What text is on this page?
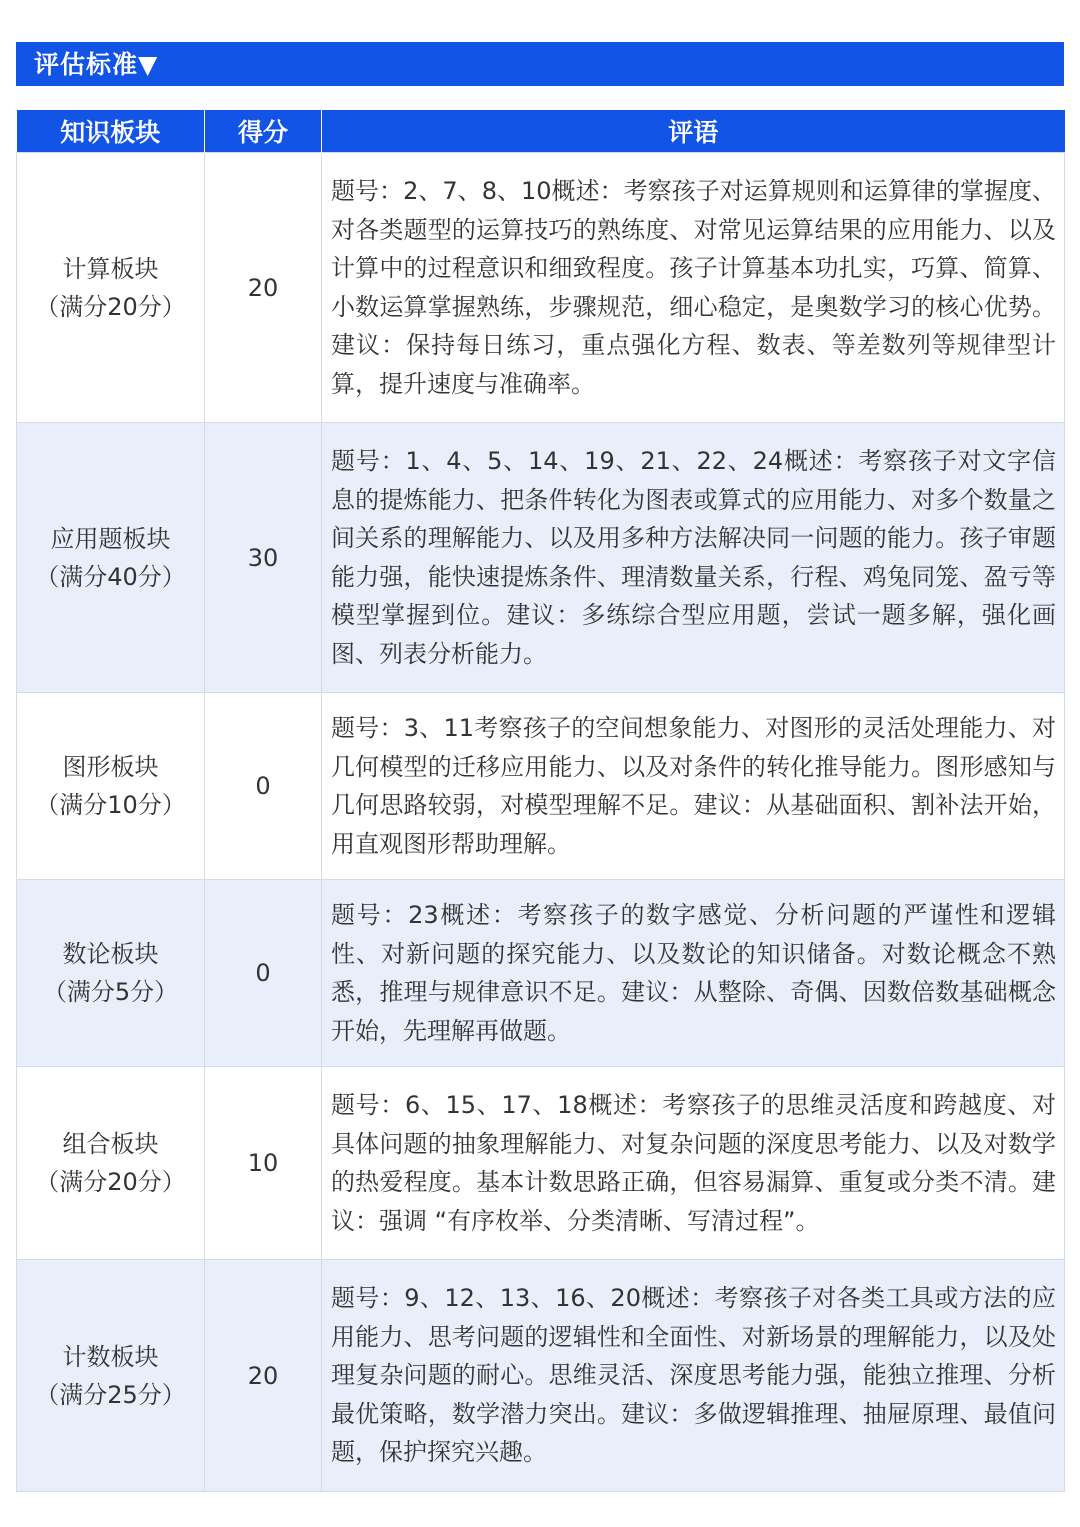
评估标准▼
知识板块	得分	评语

计算板块
（满分20分）	20	题号：2、7、8、10概述：考察孩子对运算规则和运算律的掌握度、对各类题型的运算技巧的熟练度、对常见运算结果的应用能力、以及计算中的过程意识和细致程度。孩子计算基本功扎实，巧算、简算、小数运算掌握熟练，步骤规范，细心稳定，是奥数学习的核心优势。建议：保持每日练习，重点强化方程、数表、等差数列等规律型计算，提升速度与准确率。

应用题板块
（满分40分）	30	题号：1、4、5、14、19、21、22、24概述：考察孩子对文字信息的提炼能力、把条件转化为图表或算式的应用能力、对多个数量之间关系的理解能力、以及用多种方法解决同一问题的能力。孩子审题能力强，能快速提炼条件、理清数量关系，行程、鸡兔同笼、盈亏等模型掌握到位。建议：多练综合型应用题，尝试一题多解，强化画图、列表分析能力。

图形板块
（满分10分）	0	题号：3、11考察孩子的空间想象能力、对图形的灵活处理能力、对几何模型的迁移应用能力、以及对条件的转化推导能力。图形感知与几何思路较弱，对模型理解不足。建议：从基础面积、割补法开始，用直观图形帮助理解。

数论板块
（满分5分）	0	题号：23概述：考察孩子的数字感觉、分析问题的严谨性和逻辑性、对新问题的探究能力、以及数论的知识储备。对数论概念不熟悉，推理与规律意识不足。建议：从整除、奇偶、因数倍数基础概念开始，先理解再做题。

组合板块
（满分20分）	10	题号：6、15、17、18概述：考察孩子的思维灵活度和跨越度、对具体问题的抽象理解能力、对复杂问题的深度思考能力、以及对数学的热爱程度。基本计数思路正确，但容易漏算、重复或分类不清。建议：强调 “有序枚举、分类清晰、写清过程”。

计数板块
（满分25分）	20	题号：9、12、13、16、20概述：考察孩子对各类工具或方法的应用能力、思考问题的逻辑性和全面性、对新场景的理解能力，以及处理复杂问题的耐心。思维灵活、深度思考能力强，能独立推理、分析最优策略，数学潜力突出。建议：多做逻辑推理、抽屉原理、最值问题，保护探究兴趣。
